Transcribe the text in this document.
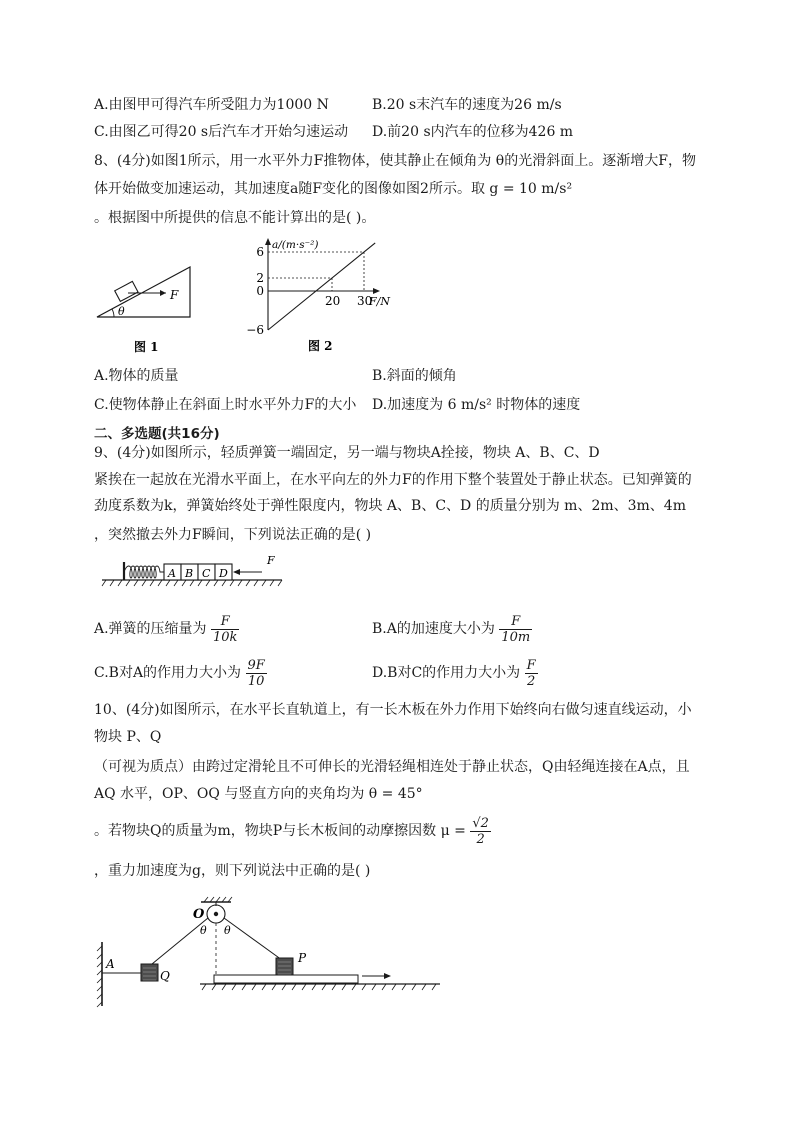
A.由图甲可得汽车所受阻力为1000 N	B.20 s末汽车的速度为26 m/s
C.由图乙可得20 s后汽车才开始匀速运动 D.前20 s内汽车的位移为426 m
8、(4分)如图1所示，用一水平外力F推物体，使其静止在倾角为 θ的光滑斜面上。逐渐增大F，物
体开始做变加速运动，其加速度a随F变化的图像如图2所示。取 g = 10 m/s²
。根据图中所提供的信息不能计算出的是( )。
F
θ
图 1
a/(m·s⁻²)
F/N
20 30
6
2
0
−6
图 2
A.物体的质量	B.斜面的倾角
C.使物体静止在斜面上时水平外力F的大小 D.加速度为 6 m/s² 时物体的速度
二、多选题(共16分)
9、(4分)如图所示，轻质弹簧一端固定，另一端与物块A拴接，物块 A、B、C、D
紧挨在一起放在光滑水平面上，在水平向左的外力F的作用下整个装置处于静止状态。已知弹簧的
劲度系数为k，弹簧始终处于弹性限度内，物块 A、B、C、D 的质量分别为 m、2m、3m、4m
，突然撤去外力F瞬间，下列说法正确的是( )
A B C D
F
A.弹簧的压缩量为 $\frac{F}{10k}$	B.A的加速度大小为 $\frac{F}{10m}$
C.B对A的作用力大小为 $\frac{9F}{10}$	D.B对C的作用力大小为 $\frac{F}{2}$
10、(4分)如图所示，在水平长直轨道上，有一长木板在外力作用下始终向右做匀速直线运动，小
物块 P、Q
（可视为质点）由跨过定滑轮且不可伸长的光滑轻绳相连处于静止状态，Q由轻绳连接在A点，且
AQ 水平，OP、OQ 与竖直方向的夹角均为 θ = 45°
。若物块Q的质量为m，物块P与长木板间的动摩擦因数 $\mu = \frac{√2}{2}$
，重力加速度为g，则下列说法中正确的是( )
A
Q
O
θ θ
P
